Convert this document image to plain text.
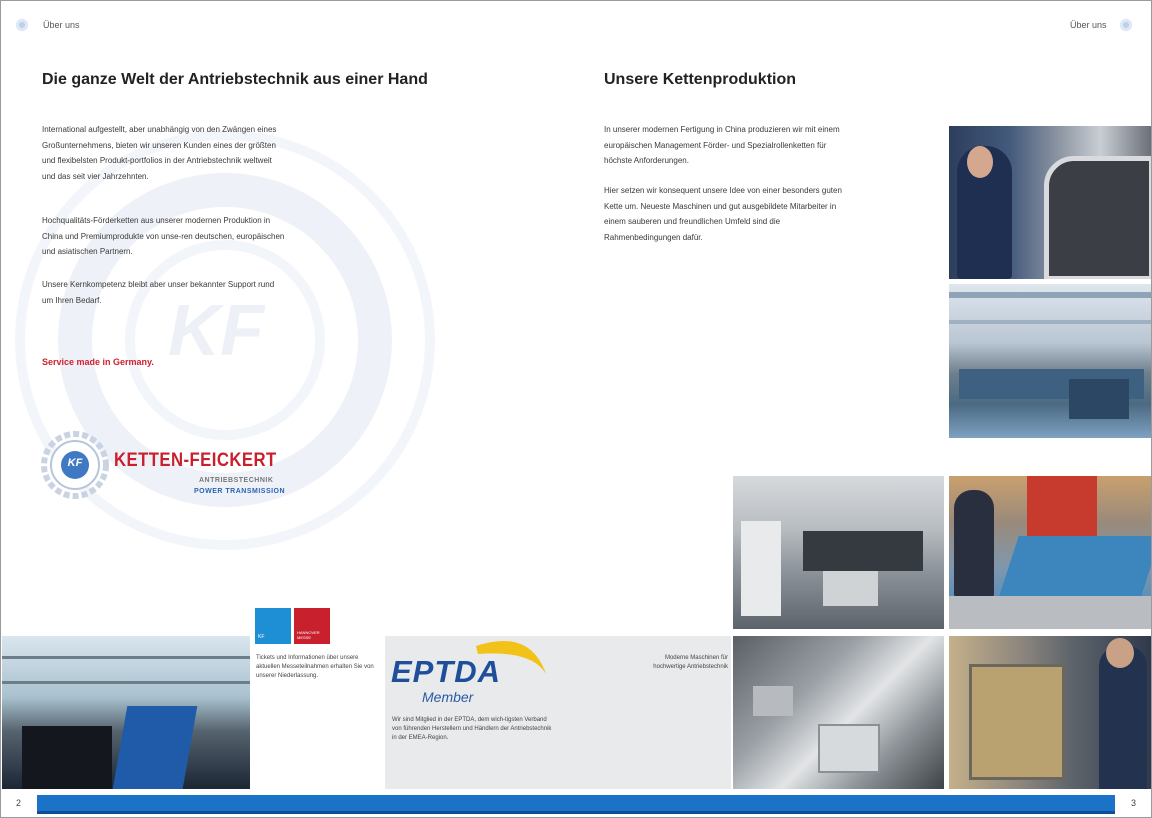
KF
Über uns	Über uns
Die ganze Welt der Antriebstechnik aus einer Hand

International aufgestellt, aber unabhängig von den Zwängen eines Großunternehmens, bieten wir unseren Kunden eines der größten und flexibelsten Produkt-portfolios in der Antriebstechnik weltweit und das seit vier Jahrzehnten.

Hochqualitäts-Förderketten aus unserer modernen Produktion in China und Premiumprodukte von unse-ren deutschen, europäischen und asiatischen Partnern.

Unsere Kernkompetenz bleibt aber unser bekannter Support rund um Ihren Bedarf.

Service made in Germany.

KF KETTEN-FEICKERT
ANTRIEBSTECHNIK
POWER TRANSMISSION
Unsere Kettenproduktion

In unserer modernen Fertigung in China produzieren wir mit einem europäischen Management Förder- und Spezialrollenketten für höchste Anforderungen.

Hier setzen wir konsequent unsere Idee von einer besonders guten Kette um. Neueste Maschinen und gut ausgebildete Mitarbeiter in einem sauberen und freundlichen Umfeld sind die Rahmenbedingungen dafür.

KF
HANNOVER MESSE

Tickets und Informationen über unsere aktuellen Messeteilnahmen erhalten Sie von unserer Niederlassung.	EPTDA
Member

Wir sind Mitglied in der EPTDA, dem wich-tigsten Verband von führenden Herstellern und Händlern der Antriebstechnik in der EMEA-Region.

Moderne Maschinen für hochwertige Antriebstechnik

2	3
